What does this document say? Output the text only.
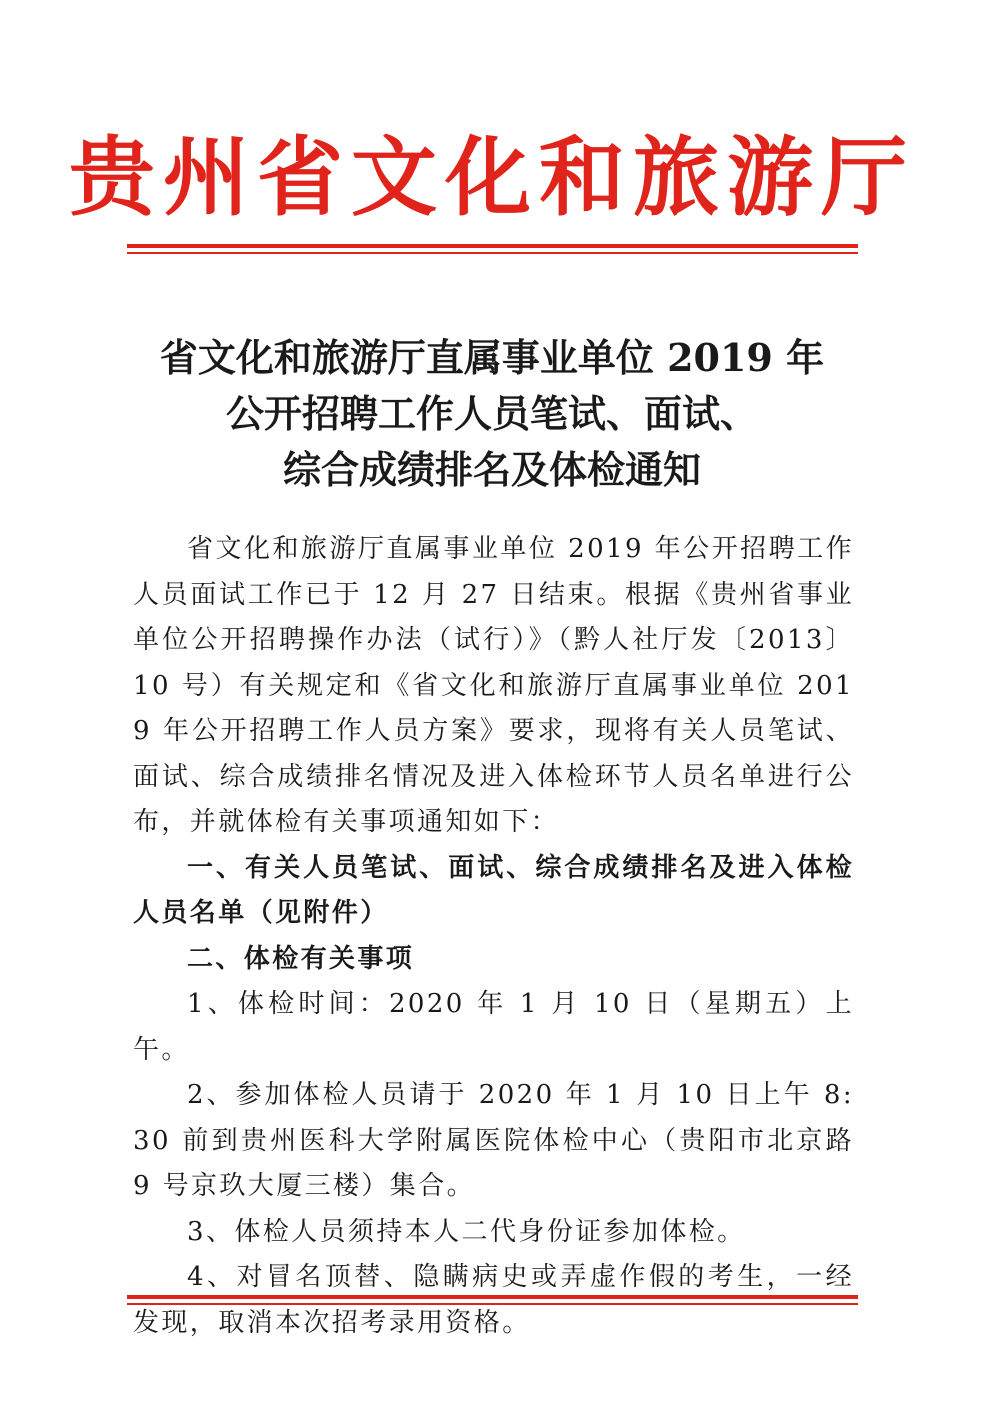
贵州省文化和旅游厅
省文化和旅游厅直属事业单位 2019 年
公开招聘工作人员笔试、面试、
综合成绩排名及体检通知

省文化和旅游厅直属事业单位 2019 年公开招聘工作人员面试工作已于 12 月 27 日结束。根据《贵州省事业单位公开招聘操作办法（试行）》（黔人社厅发〔2013〕10 号）有关规定和《省文化和旅游厅直属事业单位 2019 年公开招聘工作人员方案》要求，现将有关人员笔试、面试、综合成绩排名情况及进入体检环节人员名单进行公布，并就体检有关事项通知如下：

一、有关人员笔试、面试、综合成绩排名及进入体检人员名单（见附件）

二、体检有关事项

1、体检时间：2020 年 1 月 10 日（星期五）上午。

2、参加体检人员请于 2020 年 1 月 10 日上午 8:30 前到贵州医科大学附属医院体检中心（贵阳市北京路 9 号京玖大厦三楼）集合。

3、体检人员须持本人二代身份证参加体检。

4、对冒名顶替、隐瞒病史或弄虚作假的考生，一经发现，取消本次招考录用资格。
